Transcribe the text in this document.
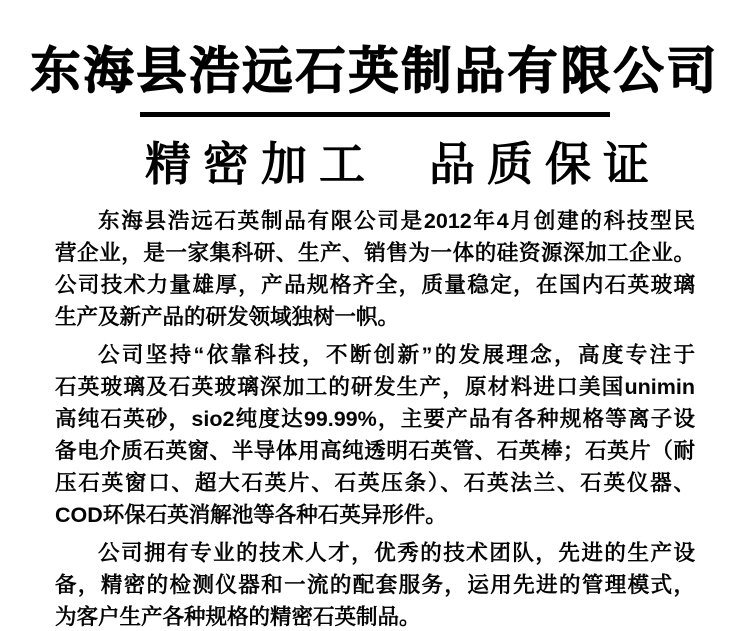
东海县浩远石英制品有限公司
精密加工 品质保证

东海县浩远石英制品有限公司是2012年4月创建的科技型民
营企业，是一家集科研、生产、销售为一体的硅资源深加工企业。
公司技术力量雄厚，产品规格齐全，质量稳定，在国内石英玻璃
生产及新产品的研发领域独树一帜。

公司坚持“依靠科技，不断创新”的发展理念，高度专注于
石英玻璃及石英玻璃深加工的研发生产，原材料进口美国unimin
高纯石英砂，sio2纯度达99.99%，主要产品有各种规格等离子设
备电介质石英窗、半导体用高纯透明石英管、石英棒；石英片（耐
压石英窗口、超大石英片、石英压条）、石英法兰、石英仪器、
COD环保石英消解池等各种石英异形件。

公司拥有专业的技术人才，优秀的技术团队，先进的生产设
备，精密的检测仪器和一流的配套服务，运用先进的管理模式，
为客户生产各种规格的精密石英制品。
